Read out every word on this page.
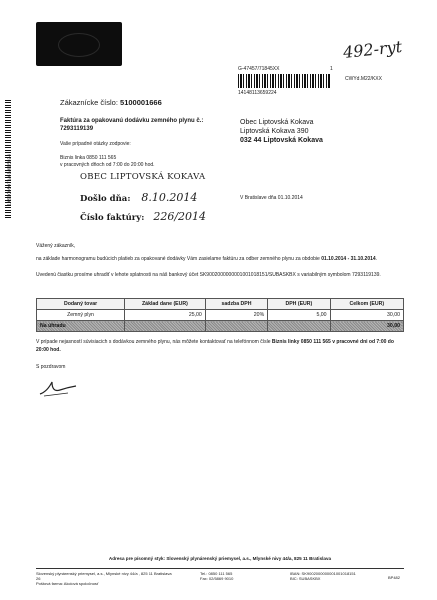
492-ryt
G-47457/71845XX	1
CWYd.M22/KXX
14148113659224
1450005071/61/015824
Zákaznícke číslo: 5100001666
Faktúra za opakovanú dodávku zemného plynu č.:
7293119139
Vaše prípadné otázky zodpovie:
Biznis linka 0850 111 565
v pracovných dňoch od 7:00 do 20:00 hod.
Obec Liptovská Kokava
Liptovská Kokava 390
032 44 Liptovská Kokava
OBEC LIPTOVSKÁ KOKAVA
Došlo dňa: 8.10.2014
Číslo faktúry: 226/2014
V Bratislave dňa 01.10.2014
Vážený zákazník,
na základe harmonogramu budúcich platieb za opakované dodávky Vám zasielame faktúru za odber zemného plynu za obdobie 01.10.2014 - 31.10.2014.
Uvedenú čiastku prosíme uhradiť v lehote splatnosti na náš bankový účet SK9002000000001001018151/SUBASKBX s variabilným symbolom 7293119139.
Dodaný tovar	Základ dane (EUR)	sadzba DPH	DPH (EUR)	Celkom (EUR)
Zemný plyn	25,00	20%	5,00	30,00
Na úhradu				30,00
V prípade nejasností súvisiacich s dodávkou zemného plynu, nás môžete kontaktovať na telefónnom čísle Biznis linky 0850 111 565 v pracovné dni od 7:00 do 20:00 hod.
S pozdravom
Adresa pre písomný styk: Slovenský plynárenský priemysel, a.s., Mlynské nivy 44/a, 825 11 Bratislava
Slovenský plynárenský priemysel, a.s., Mlynské nivy 44/a , 825 11 Bratislava 26
Poštová farma: Akciová spoločnosť
Tel.: 0850 111 565
Fax: 02/5869 9010
IBAN: SK9002000000001001018151
BIC: SUBASKBX	BP482
